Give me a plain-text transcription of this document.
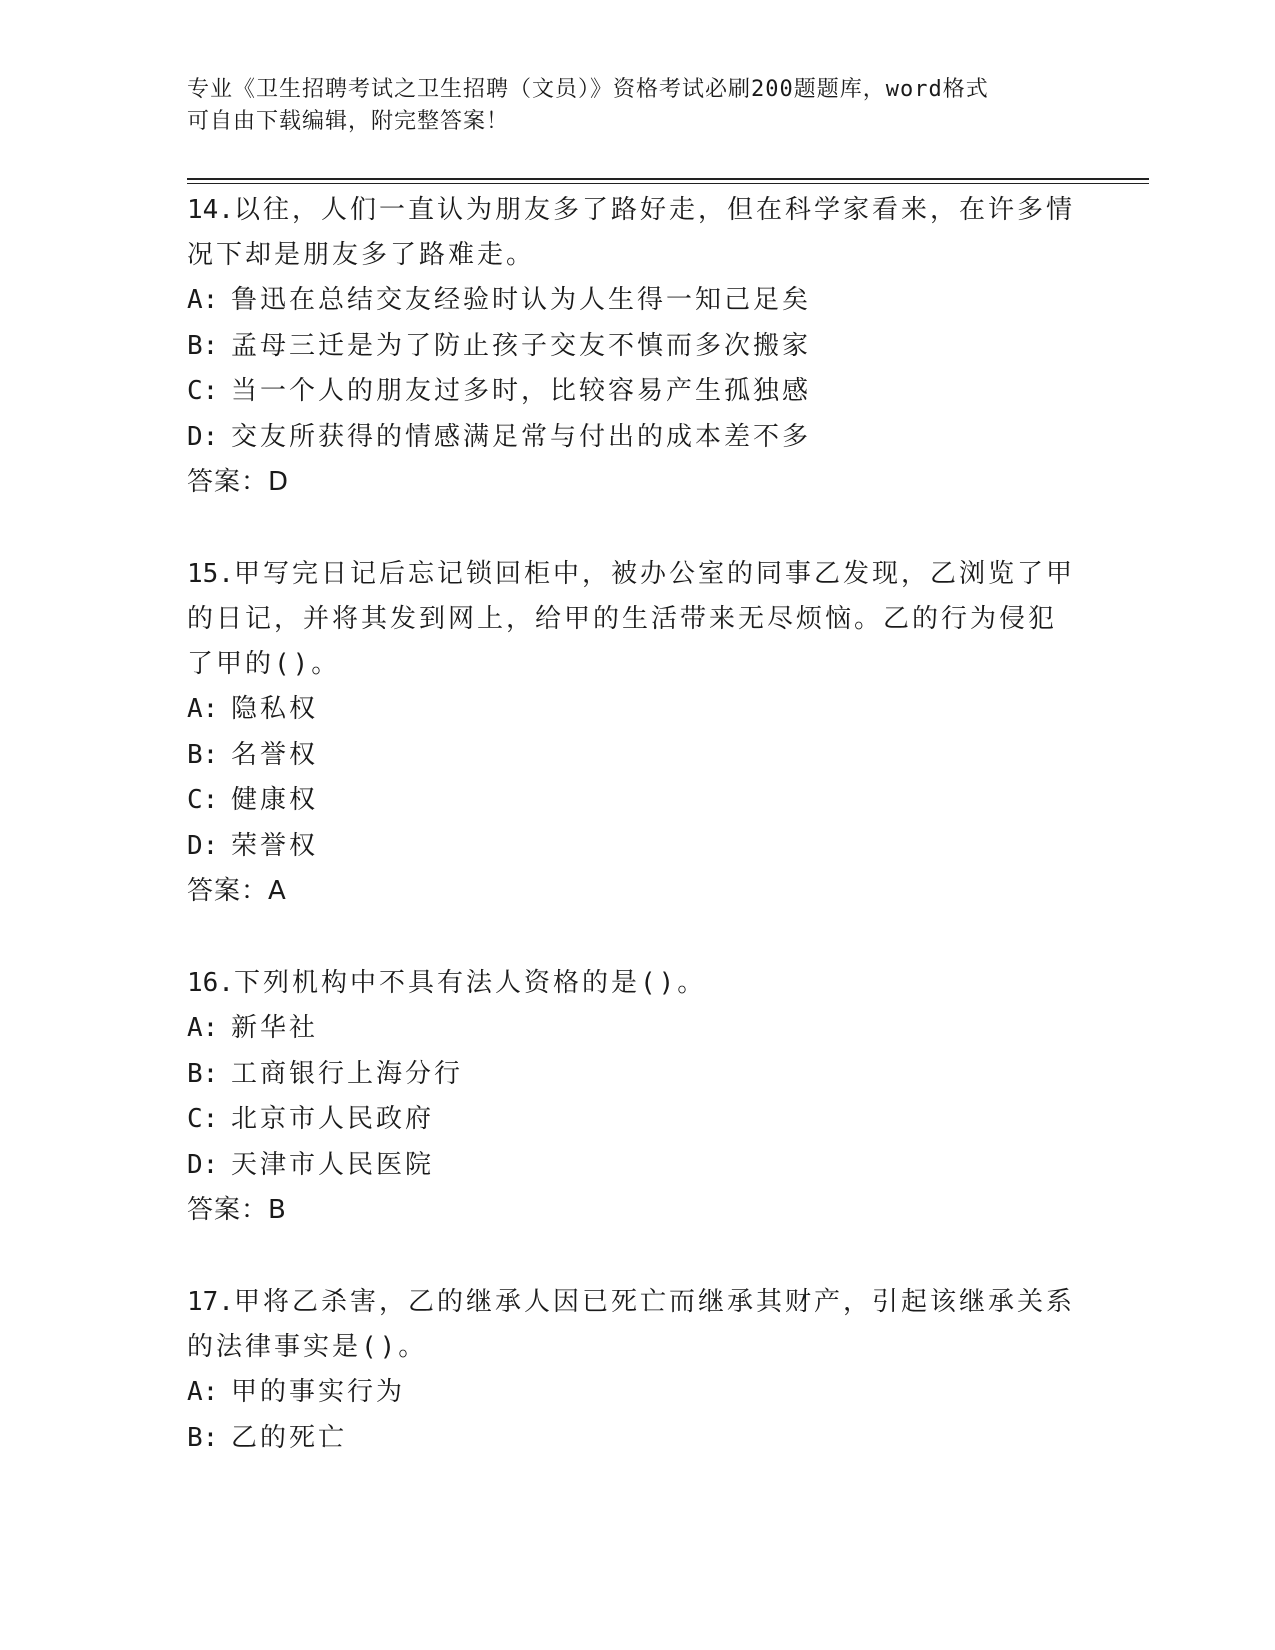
专业《卫生招聘考试之卫生招聘（文员）》资格考试必刷200题题库，word格式
可自由下载编辑，附完整答案！
14.以往，人们一直认为朋友多了路好走，但在科学家看来，在许多情
况下却是朋友多了路难走。
A: 鲁迅在总结交友经验时认为人生得一知己足矣
B: 孟母三迁是为了防止孩子交友不慎而多次搬家
C: 当一个人的朋友过多时，比较容易产生孤独感
D: 交友所获得的情感满足常与付出的成本差不多
答案：D
15.甲写完日记后忘记锁回柜中，被办公室的同事乙发现，乙浏览了甲
的日记，并将其发到网上，给甲的生活带来无尽烦恼。乙的行为侵犯
了甲的()。
A: 隐私权
B: 名誉权
C: 健康权
D: 荣誉权
答案：A
16.下列机构中不具有法人资格的是()。
A: 新华社
B: 工商银行上海分行
C: 北京市人民政府
D: 天津市人民医院
答案：B
17.甲将乙杀害，乙的继承人因已死亡而继承其财产，引起该继承关系
的法律事实是()。
A: 甲的事实行为
B: 乙的死亡
